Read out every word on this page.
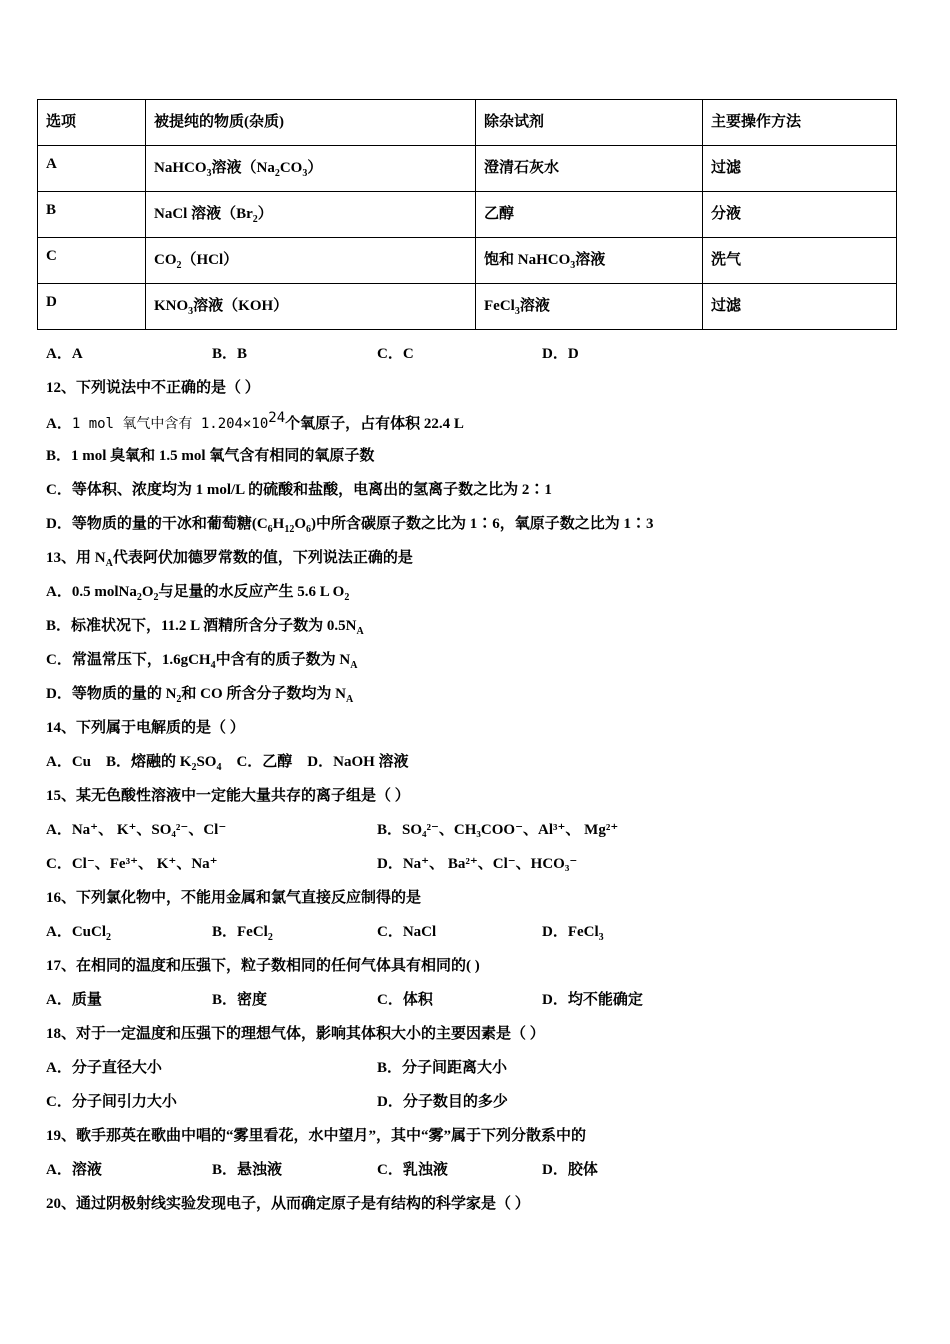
选项	被提纯的物质(杂质)	除杂试剂	主要操作方法
A	NaHCO$_3$溶液$(Na_2CO_3)$	澄清石灰水	过滤
B	NaCl 溶液$(Br_2)$	乙醇	分液
C	$CO_2(HCl)$	饱和 NaHCO$_3$溶液	洗气
D	$KNO_3$溶液（KOH）	FeCl$_3$溶液	过滤
A．A	B．B	C．C	D．D
12、下列说法中不正确的是（ ）
A．1 mol 氧气中含有 $1.204\times 10^{24}$个氧原子，占有体积 22.4 L
B．1 mol 臭氧和 1.5 mol 氧气含有相同的氧原子数
C．等体积、浓度均为 1 mol/L 的硫酸和盐酸，电离出的氢离子数之比为 2∶1
D．等物质的量的干冰和葡萄糖$(C_6H_{12}O_6)$中所含碳原子数之比为 1∶6，氧原子数之比为 1∶3
13、用 $N_A$代表阿伏加德罗常数的值，下列说法正确的是
A．0.5 $molNa_2O_2$与足量的水反应产生 5.6 L $O_2$
B．标准状况下，11.2 L 酒精所含分子数为 $0.5N_A$
C．常温常压下，1.6gCH$_4$中含有的质子数为 $N_A$
D．等物质的量的 $N_2$和 CO 所含分子数均为 $N_A$
14、下列属于电解质的是（ ）
A．Cu    B．熔融的 $K_2SO_4$    C．乙醇    D．NaOH 溶液
15、某无色酸性溶液中一定能大量共存的离子组是（ ）
A．Na⁺、 K⁺、SO₄²⁻、Cl⁻	B．SO₄²⁻、CH₃COO⁻、Al³⁺、 Mg²⁺
C．Cl⁻、Fe³⁺、 K⁺、Na⁺	D．Na⁺、 Ba²⁺、Cl⁻、HCO₃⁻
16、下列氯化物中，不能用金属和氯气直接反应制得的是
A．CuCl$_2$	B．FeCl$_2$	C．NaCl	D．FeCl$_3$
17、在相同的温度和压强下，粒子数相同的任何气体具有相同的( )
A．质量	B．密度	C．体积	D．均不能确定
18、对于一定温度和压强下的理想气体，影响其体积大小的主要因素是（ ）
A．分子直径大小	B．分子间距离大小
C．分子间引力大小	D．分子数目的多少
19、歌手那英在歌曲中唱的“雾里看花，水中望月”，其中“雾”属于下列分散系中的
A．溶液	B．悬浊液	C．乳浊液	D．胶体
20、通过阴极射线实验发现电子，从而确定原子是有结构的科学家是（ ）
